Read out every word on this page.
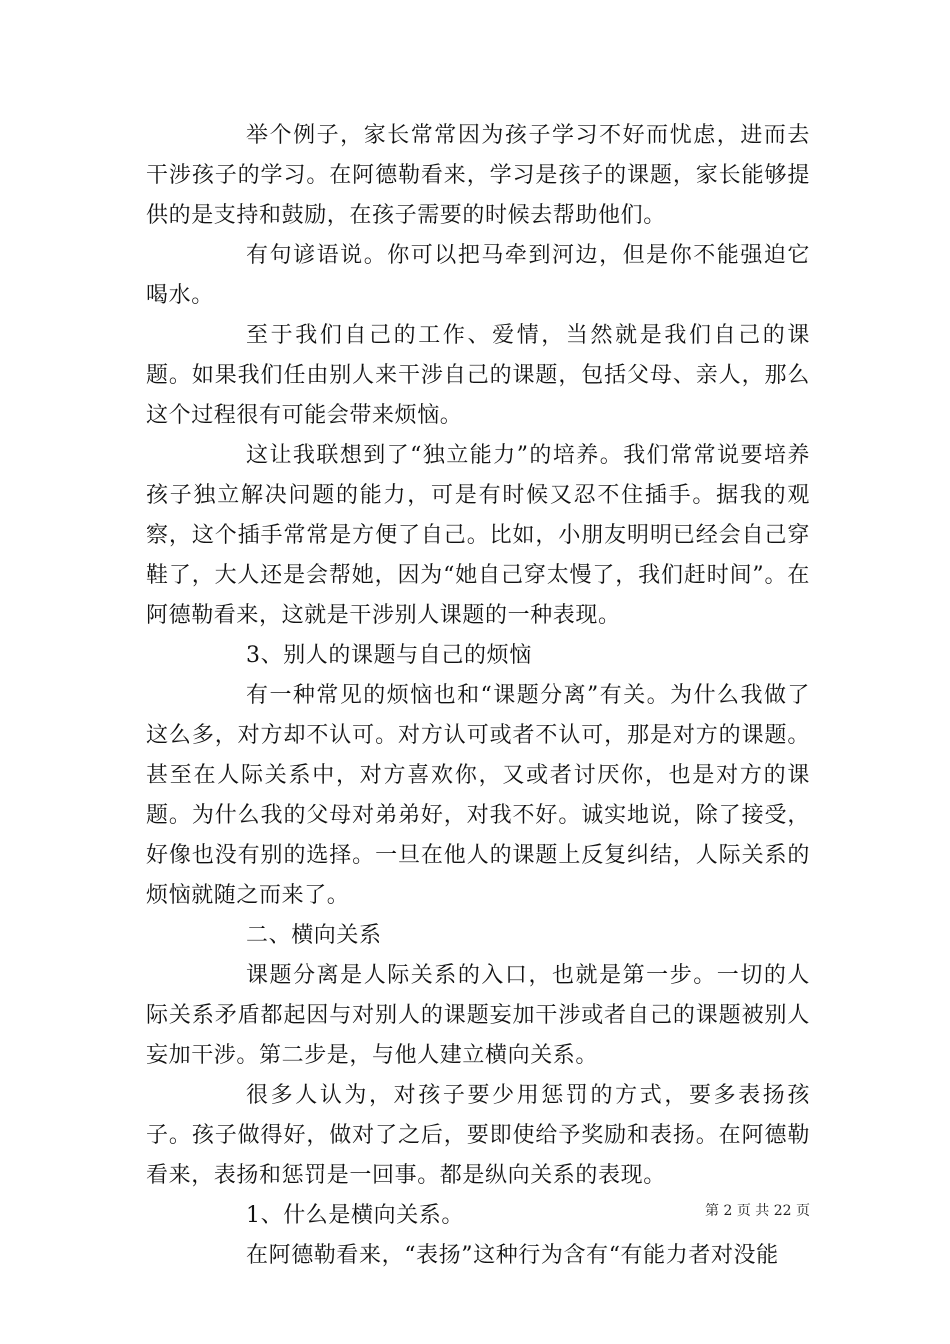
举个例子，家长常常因为孩子学习不好而忧虑，进而去干涉孩子的学习。在阿德勒看来，学习是孩子的课题，家长能够提供的是支持和鼓励，在孩子需要的时候去帮助他们。

有句谚语说。你可以把马牵到河边，但是你不能强迫它喝水。

至于我们自己的工作、爱情，当然就是我们自己的课题。如果我们任由别人来干涉自己的课题，包括父母、亲人，那么这个过程很有可能会带来烦恼。

这让我联想到了“独立能力”的培养。我们常常说要培养孩子独立解决问题的能力，可是有时候又忍不住插手。据我的观察，这个插手常常是方便了自己。比如，小朋友明明已经会自己穿鞋了，大人还是会帮她，因为“她自己穿太慢了，我们赶时间”。在阿德勒看来，这就是干涉别人课题的一种表现。

3、别人的课题与自己的烦恼

有一种常见的烦恼也和“课题分离”有关。为什么我做了这么多，对方却不认可。对方认可或者不认可，那是对方的课题。甚至在人际关系中，对方喜欢你，又或者讨厌你，也是对方的课题。为什么我的父母对弟弟好，对我不好。诚实地说，除了接受，好像也没有别的选择。一旦在他人的课题上反复纠结，人际关系的烦恼就随之而来了。

二、横向关系

课题分离是人际关系的入口，也就是第一步。一切的人际关系矛盾都起因与对别人的课题妄加干涉或者自己的课题被别人妄加干涉。第二步是，与他人建立横向关系。

很多人认为，对孩子要少用惩罚的方式，要多表扬孩子。孩子做得好，做对了之后，要即使给予奖励和表扬。在阿德勒看来，表扬和惩罚是一回事。都是纵向关系的表现。

1、什么是横向关系。

在阿德勒看来，“表扬”这种行为含有“有能力者对没能

第 2 页 共 22 页
